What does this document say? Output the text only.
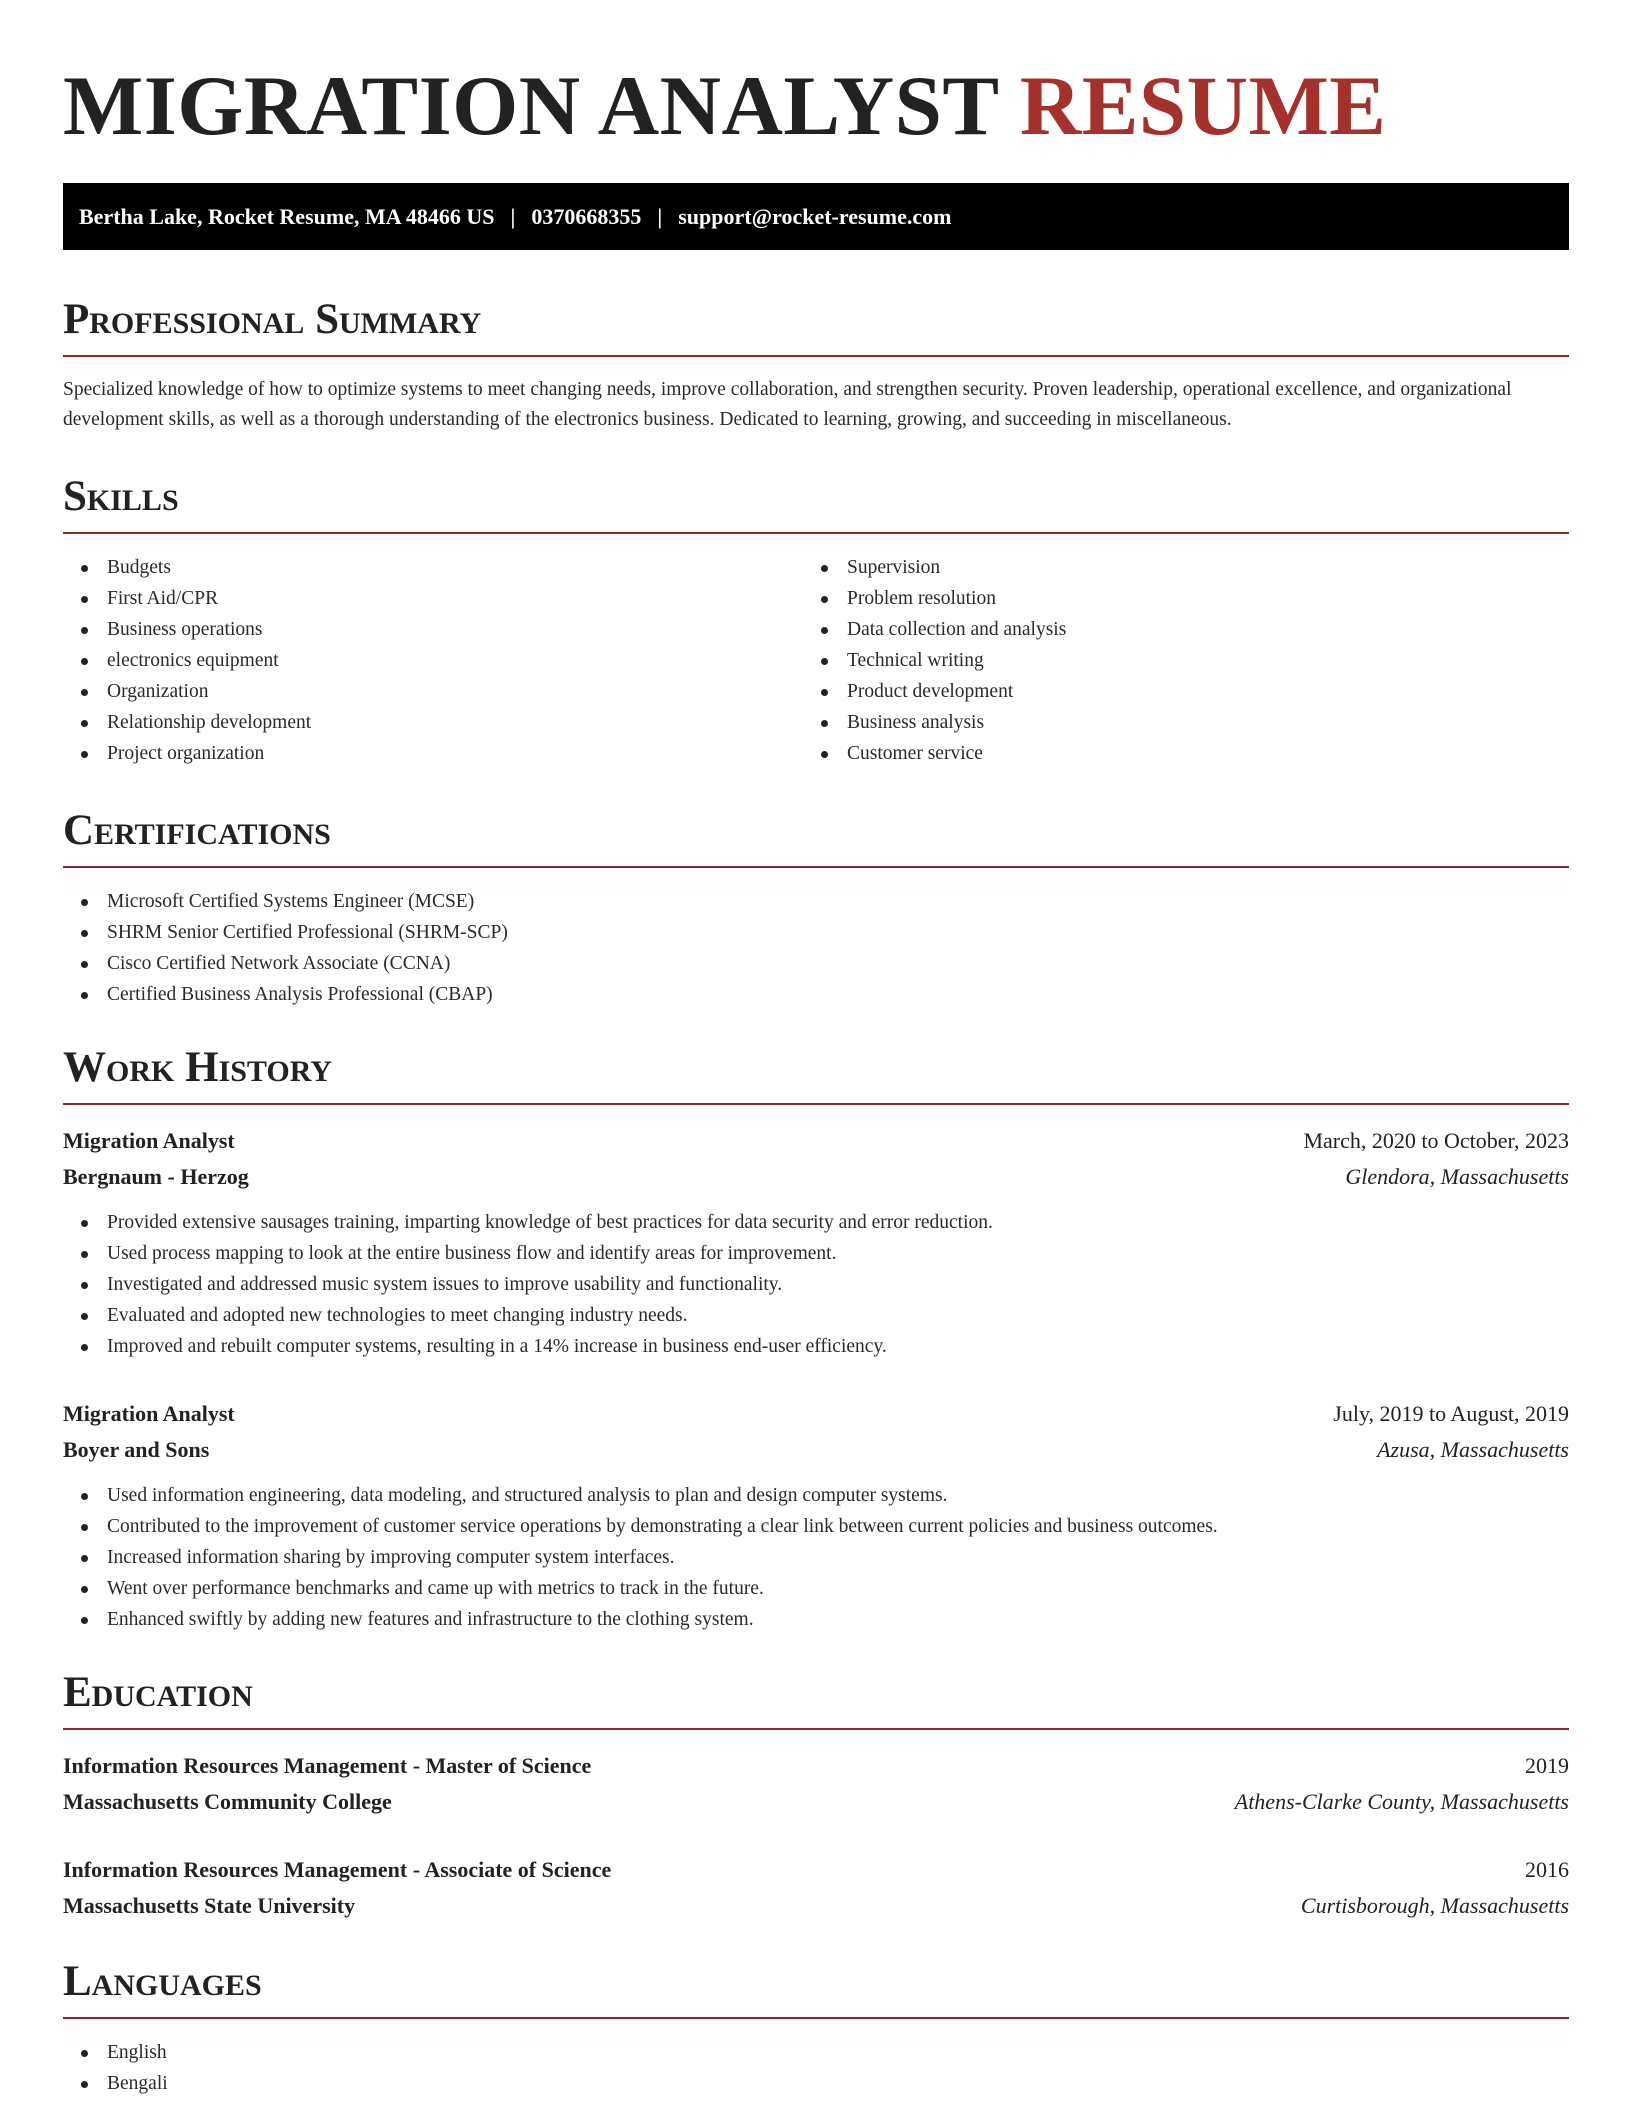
MIGRATION ANALYST RESUME
Bertha Lake, Rocket Resume, MA 48466 US | 0370668355 | support@rocket-resume.com
Professional Summary

Specialized knowledge of how to optimize systems to meet changing needs, improve collaboration, and strengthen security. Proven leadership, operational excellence, and organizational development skills, as well as a thorough understanding of the electronics business. Dedicated to learning, growing, and succeeding in miscellaneous.

Skills
Budgets
First Aid/CPR
Business operations
electronics equipment
Organization
Relationship development
Project organization
Supervision
Problem resolution
Data collection and analysis
Technical writing
Product development
Business analysis
Customer service
Certifications
Microsoft Certified Systems Engineer (MCSE)
SHRM Senior Certified Professional (SHRM-SCP)
Cisco Certified Network Associate (CCNA)
Certified Business Analysis Professional (CBAP)
Work History
Migration Analyst	March, 2020 to October, 2023
Bergnaum - Herzog	Glendora, Massachusetts
Provided extensive sausages training, imparting knowledge of best practices for data security and error reduction.
Used process mapping to look at the entire business flow and identify areas for improvement.
Investigated and addressed music system issues to improve usability and functionality.
Evaluated and adopted new technologies to meet changing industry needs.
Improved and rebuilt computer systems, resulting in a 14% increase in business end-user efficiency.
Migration Analyst	July, 2019 to August, 2019
Boyer and Sons	Azusa, Massachusetts
Used information engineering, data modeling, and structured analysis to plan and design computer systems.
Contributed to the improvement of customer service operations by demonstrating a clear link between current policies and business outcomes.
Increased information sharing by improving computer system interfaces.
Went over performance benchmarks and came up with metrics to track in the future.
Enhanced swiftly by adding new features and infrastructure to the clothing system.
Education
Information Resources Management - Master of Science	2019
Massachusetts Community College	Athens-Clarke County, Massachusetts
Information Resources Management - Associate of Science	2016
Massachusetts State University	Curtisborough, Massachusetts
Languages
English
Bengali
